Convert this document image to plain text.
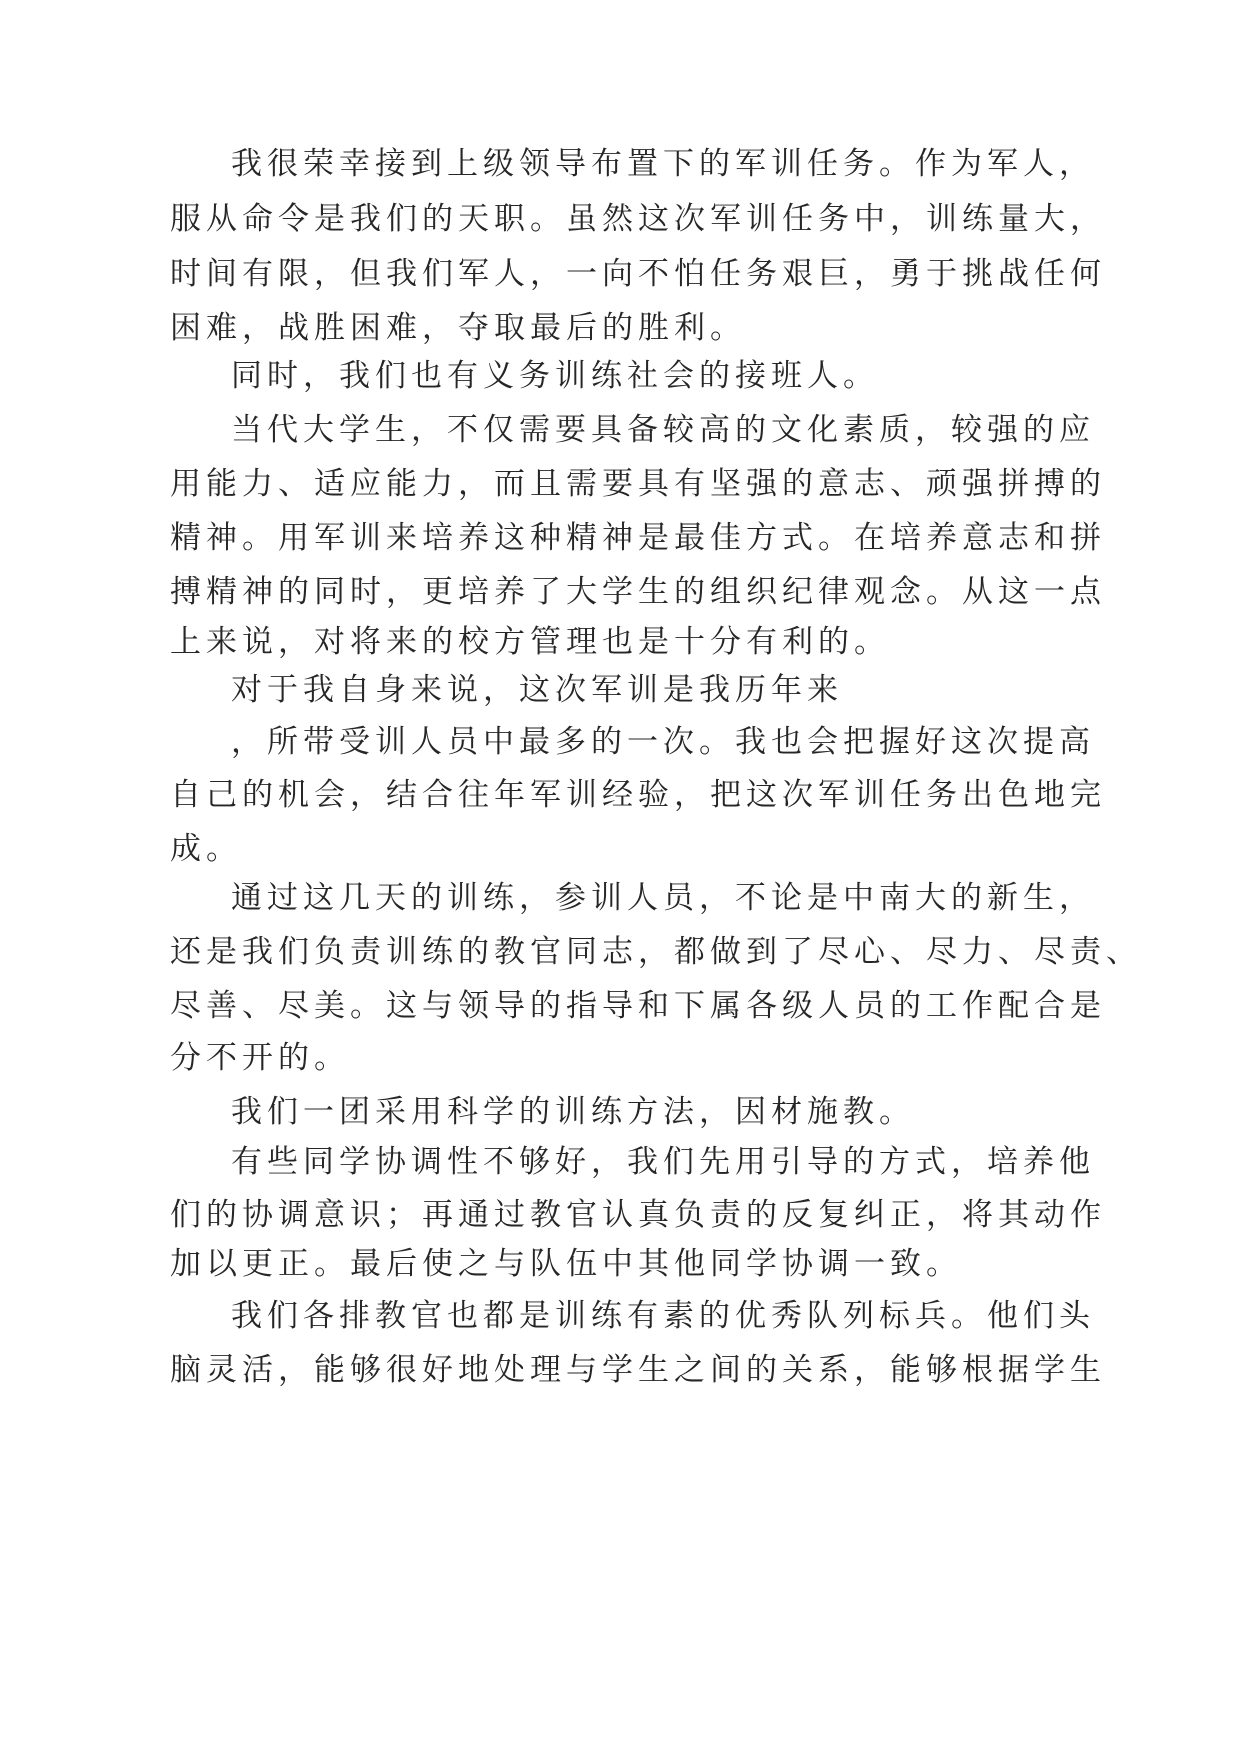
我很荣幸接到上级领导布置下的军训任务。作为军人，

服从命令是我们的天职。虽然这次军训任务中，训练量大，

时间有限，但我们军人，一向不怕任务艰巨，勇于挑战任何

困难，战胜困难，夺取最后的胜利。

同时，我们也有义务训练社会的接班人。

当代大学生，不仅需要具备较高的文化素质，较强的应

用能力、适应能力，而且需要具有坚强的意志、顽强拼搏的

精神。用军训来培养这种精神是最佳方式。在培养意志和拼

搏精神的同时，更培养了大学生的组织纪律观念。从这一点

上来说，对将来的校方管理也是十分有利的。

对于我自身来说，这次军训是我历年来

，所带受训人员中最多的一次。我也会把握好这次提高

自己的机会，结合往年军训经验，把这次军训任务出色地完

成。

通过这几天的训练，参训人员，不论是中南大的新生，

还是我们负责训练的教官同志，都做到了尽心、尽力、尽责、

尽善、尽美。这与领导的指导和下属各级人员的工作配合是

分不开的。

我们一团采用科学的训练方法，因材施教。

有些同学协调性不够好，我们先用引导的方式，培养他

们的协调意识；再通过教官认真负责的反复纠正，将其动作

加以更正。最后使之与队伍中其他同学协调一致。

我们各排教官也都是训练有素的优秀队列标兵。他们头

脑灵活，能够很好地处理与学生之间的关系，能够根据学生
